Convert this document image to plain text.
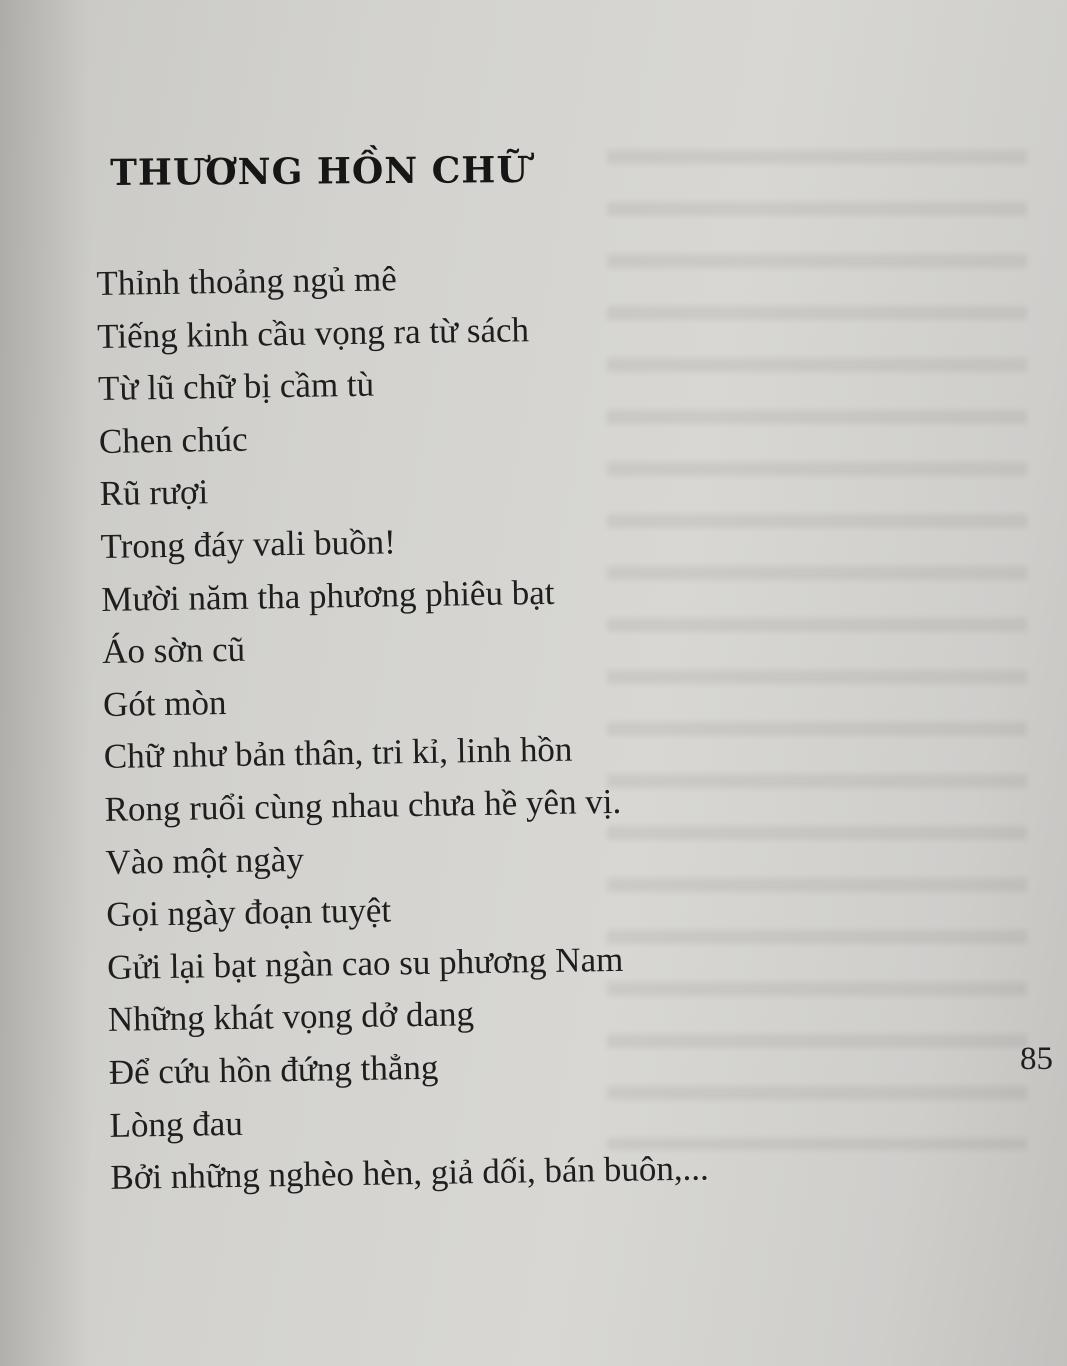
THƯƠNG HỒN CHỮ
Thỉnh thoảng ngủ mê
Tiếng kinh cầu vọng ra từ sách
Từ lũ chữ bị cầm tù
Chen chúc
Rũ rượi
Trong đáy vali buồn!
Mười năm tha phương phiêu bạt
Áo sờn cũ
Gót mòn
Chữ như bản thân, tri kỉ, linh hồn
Rong ruổi cùng nhau chưa hề yên vị.
Vào một ngày
Gọi ngày đoạn tuyệt
Gửi lại bạt ngàn cao su phương Nam
Những khát vọng dở dang
Để cứu hồn đứng thẳng
Lòng đau
Bởi những nghèo hèn, giả dối, bán buôn,...
85
